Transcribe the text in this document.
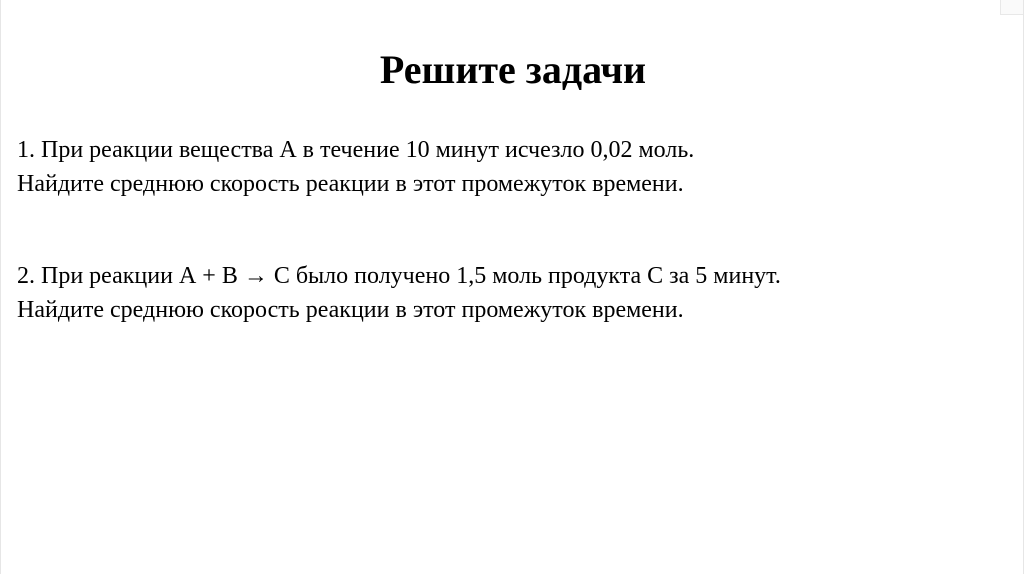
Решите задачи

1. При реакции вещества А в течение 10 минут исчезло 0,02 моль.

Найдите среднюю скорость реакции в этот промежуток времени.

2. При реакции А + В → С было получено 1,5 моль продукта С за 5 минут.

Найдите среднюю скорость реакции в этот промежуток времени.
